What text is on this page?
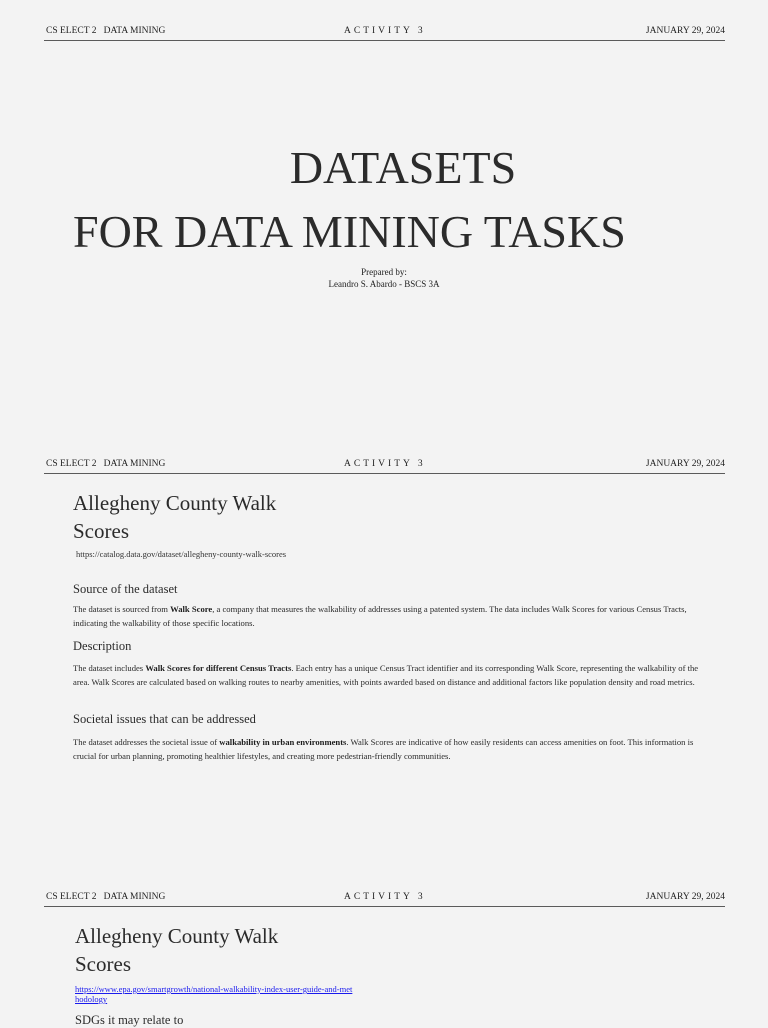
CS ELECT 2   DATA MINING	ACTIVITY 3	JANUARY 29, 2024
DATASETS
FOR DATA MINING TASKS
Prepared by:
Leandro S. Abardo - BSCS 3A
CS ELECT 2   DATA MINING	ACTIVITY 3	JANUARY 29, 2024
Allegheny County Walk Scores
https://catalog.data.gov/dataset/allegheny-county-walk-scores
Source of the dataset
The dataset is sourced from Walk Score, a company that measures the walkability of addresses using a patented system. The data includes Walk Scores for various Census Tracts, indicating the walkability of those specific locations.
Description
The dataset includes Walk Scores for different Census Tracts. Each entry has a unique Census Tract identifier and its corresponding Walk Score, representing the walkability of the area. Walk Scores are calculated based on walking routes to nearby amenities, with points awarded based on distance and additional factors like population density and road metrics.
Societal issues that can be addressed
The dataset addresses the societal issue of walkability in urban environments. Walk Scores are indicative of how easily residents can access amenities on foot. This information is crucial for urban planning, promoting healthier lifestyles, and creating more pedestrian-friendly communities.
CS ELECT 2   DATA MINING	ACTIVITY 3	JANUARY 29, 2024
Allegheny County Walk Scores
https://www.epa.gov/smartgrowth/national-walkability-index-user-guide-and-methodology
SDGs it may relate to
